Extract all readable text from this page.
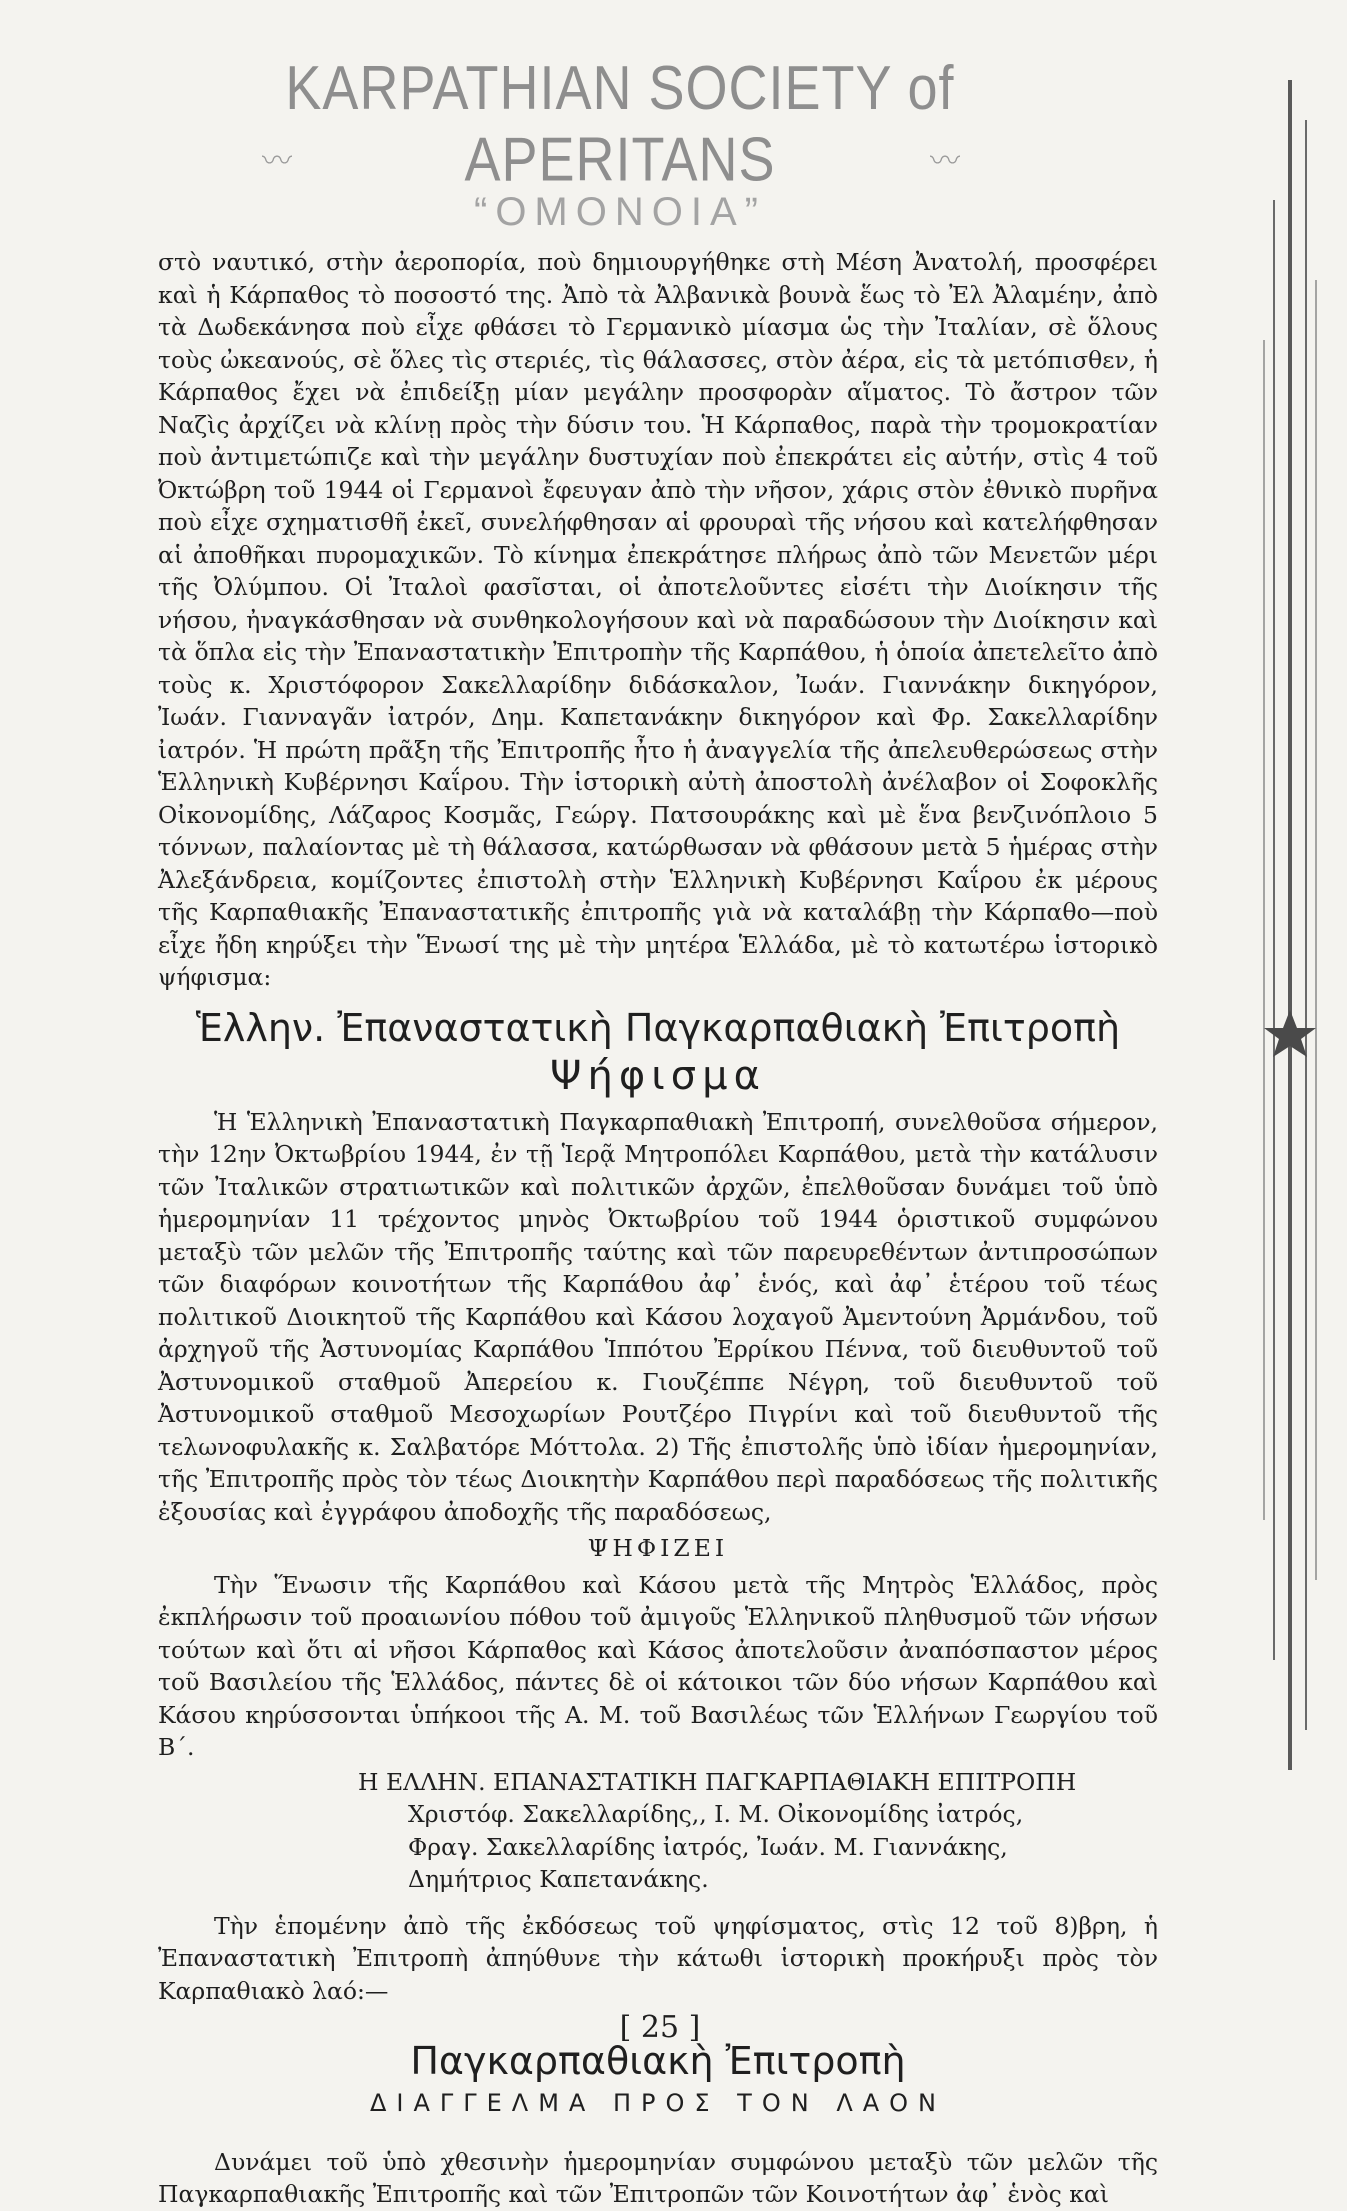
KARPATHIAN SOCIETY of APERITANS
“ΟΜΟΝΟΙΑ”
〰	〰

στὸ ναυτικό, στὴν ἀεροπορία, ποὺ δημιουργήθηκε στὴ Μέση Ἀνατολή, προσφέρει καὶ ἡ Κάρπαθος τὸ ποσοστό της. Ἀπὸ τὰ Ἀλβανικὰ βουνὰ ἕως τὸ Ἐλ Ἀλαμέην, ἀπὸ τὰ Δωδεκάνησα ποὺ εἶχε φθάσει τὸ Γερμανικὸ μίασμα ὡς τὴν Ἰταλίαν, σὲ ὅλους τοὺς ὠκεανούς, σὲ ὅλες τὶς στεριές, τὶς θάλασσες, στὸν ἀέρα, εἰς τὰ μετόπισθεν, ἡ Κάρπαθος ἔχει νὰ ἐπιδείξῃ μίαν μεγάλην προσφορὰν αἵματος. Τὸ ἄστρον τῶν Ναζὶς ἀρχίζει νὰ κλίνῃ πρὸς τὴν δύσιν του. Ἡ Κάρπαθος, παρὰ τὴν τρομοκρατίαν ποὺ ἀντιμετώπιζε καὶ τὴν μεγάλην δυστυχίαν ποὺ ἐπεκράτει εἰς αὐτήν, στὶς 4 τοῦ Ὀκτώβρη τοῦ 1944 οἱ Γερμανοὶ ἔφευγαν ἀπὸ τὴν νῆσον, χάρις στὸν ἐθνικὸ πυρῆνα ποὺ εἶχε σχηματισθῆ ἐκεῖ, συνελήφθησαν αἱ φρουραὶ τῆς νήσου καὶ κατελήφθησαν αἱ ἀποθῆκαι πυρομαχικῶν. Τὸ κίνημα ἐπεκράτησε πλήρως ἀπὸ τῶν Μενετῶν μέρι τῆς Ὀλύμπου. Οἱ Ἰταλοὶ φασῖσται, οἱ ἀποτελοῦντες εἰσέτι τὴν Διοίκησιν τῆς νήσου, ἠναγκάσθησαν νὰ συνθηκολογήσουν καὶ νὰ παραδώσουν τὴν Διοίκησιν καὶ τὰ ὅπλα εἰς τὴν Ἐπαναστατικὴν Ἐπιτροπὴν τῆς Καρπάθου, ἡ ὁποία ἀπετελεῖτο ἀπὸ τοὺς κ. Χριστόφορον Σακελλαρίδην διδάσκαλον, Ἰωάν. Γιαννάκην δικηγόρον, Ἰωάν. Γιανναγᾶν ἰατρόν, Δημ. Καπετανάκην δικηγόρον καὶ Φρ. Σακελλαρίδην ἰατρόν. Ἡ πρώτη πρᾶξη τῆς Ἐπιτροπῆς ἦτο ἡ ἀναγγελία τῆς ἀπελευθερώσεως στὴν Ἑλληνικὴ Κυβέρνησι Καΐρου. Τὴν ἱστορικὴ αὐτὴ ἀποστολὴ ἀνέλαβον οἱ Σοφοκλῆς Οἰκονομίδης, Λάζαρος Κοσμᾶς, Γεώργ. Πατσουράκης καὶ μὲ ἕνα βενζινόπλοιο 5 τόννων, παλαίοντας μὲ τὴ θάλασσα, κατώρθωσαν νὰ φθάσουν μετὰ 5 ἡμέρας στὴν Ἀλεξάνδρεια, κομίζοντες ἐπιστολὴ στὴν Ἑλληνικὴ Κυβέρνησι Καΐρου ἐκ μέρους τῆς Καρπαθιακῆς Ἐπαναστατικῆς ἐπιτροπῆς γιὰ νὰ καταλάβῃ τὴν Κάρπαθο—ποὺ εἶχε ἤδη κηρύξει τὴν Ἕνωσί της μὲ τὴν μητέρα Ἑλλάδα, μὲ τὸ κατωτέρω ἱστορικὸ ψήφισμα:

Ἑλλην. Ἐπαναστατικὴ Παγκαρπαθιακὴ Ἐπιτροπὴ
Ψήφισμα

Ἡ Ἑλληνικὴ Ἐπαναστατικὴ Παγκαρπαθιακὴ Ἐπιτροπή, συνελθοῦσα σήμερον, τὴν 12ην Ὀκτωβρίου 1944, ἐν τῇ Ἱερᾷ Μητροπόλει Καρπάθου, μετὰ τὴν κατάλυσιν τῶν Ἰταλικῶν στρατιωτικῶν καὶ πολιτικῶν ἀρχῶν, ἐπελθοῦσαν δυνάμει τοῦ ὑπὸ ἡμερομηνίαν 11 τρέχοντος μηνὸς Ὀκτωβρίου τοῦ 1944 ὁριστικοῦ συμφώνου μεταξὺ τῶν μελῶν τῆς Ἐπιτροπῆς ταύτης καὶ τῶν παρευρεθέντων ἀντιπροσώπων τῶν διαφόρων κοινοτήτων τῆς Καρπάθου ἀφ᾽ ἑνός, καὶ ἀφ᾽ ἑτέρου τοῦ τέως πολιτικοῦ Διοικητοῦ τῆς Καρπάθου καὶ Κάσου λοχαγοῦ Ἀμεντούνη Ἀρμάνδου, τοῦ ἀρχηγοῦ τῆς Ἀστυνομίας Καρπάθου Ἱππότου Ἐρρίκου Πέννα, τοῦ διευθυντοῦ τοῦ Ἀστυνομικοῦ σταθμοῦ Ἀπερείου κ. Γιουζέππε Νέγρη, τοῦ διευθυντοῦ τοῦ Ἀστυνομικοῦ σταθμοῦ Μεσοχωρίων Ρουτζέρο Πιγρίνι καὶ τοῦ διευθυντοῦ τῆς τελωνοφυλακῆς κ. Σαλβατόρε Μόττολα. 2) Τῆς ἐπιστολῆς ὑπὸ ἰδίαν ἡμερομηνίαν, τῆς Ἐπιτροπῆς πρὸς τὸν τέως Διοικητὴν Καρπάθου περὶ παραδόσεως τῆς πολιτικῆς ἐξουσίας καὶ ἐγγράφου ἀποδοχῆς τῆς παραδόσεως,

ΨΗΦΙΖΕΙ

Τὴν Ἕνωσιν τῆς Καρπάθου καὶ Κάσου μετὰ τῆς Μητρὸς Ἑλλάδος, πρὸς ἐκπλήρωσιν τοῦ προαιωνίου πόθου τοῦ ἀμιγοῦς Ἑλληνικοῦ πληθυσμοῦ τῶν νήσων τούτων καὶ ὅτι αἱ νῆσοι Κάρπαθος καὶ Κάσος ἀποτελοῦσιν ἀναπόσπαστον μέρος τοῦ Βασιλείου τῆς Ἑλλάδος, πάντες δὲ οἱ κάτοικοι τῶν δύο νήσων Καρπάθου καὶ Κάσου κηρύσσονται ὑπήκοοι τῆς Α. Μ. τοῦ Βασιλέως τῶν Ἑλλήνων Γεωργίου τοῦ Β΄.

Η ΕΛΛΗΝ. ΕΠΑΝΑΣΤΑΤΙΚΗ ΠΑΓΚΑΡΠΑΘΙΑΚΗ ΕΠΙΤΡΟΠΗ
Χριστόφ. Σακελλαρίδης,, Ι. Μ. Οἰκονομίδης ἰατρός,
Φραγ. Σακελλαρίδης ἰατρός, Ἰωάν. Μ. Γιαννάκης,
Δημήτριος Καπετανάκης.

Τὴν ἑπομένην ἀπὸ τῆς ἐκδόσεως τοῦ ψηφίσματος, στὶς 12 τοῦ 8)βρη, ἡ Ἐπαναστατικὴ Ἐπιτροπὴ ἀπηύθυνε τὴν κάτωθι ἱστορικὴ προκήρυξι πρὸς τὸν Καρπαθιακὸ λαό:—

Παγκαρπαθιακὴ Ἐπιτροπὴ
ΔΙΑΓΓΕΛΜΑ ΠΡΟΣ ΤΟΝ ΛΑΟΝ

Δυνάμει τοῦ ὑπὸ χθεσινὴν ἡμερομηνίαν συμφώνου μεταξὺ τῶν μελῶν τῆς Παγκαρπαθιακῆς Ἐπιτροπῆς καὶ τῶν Ἐπιτροπῶν τῶν Κοινοτήτων ἀφ᾽ ἑνὸς καὶ

[ 25 ]
